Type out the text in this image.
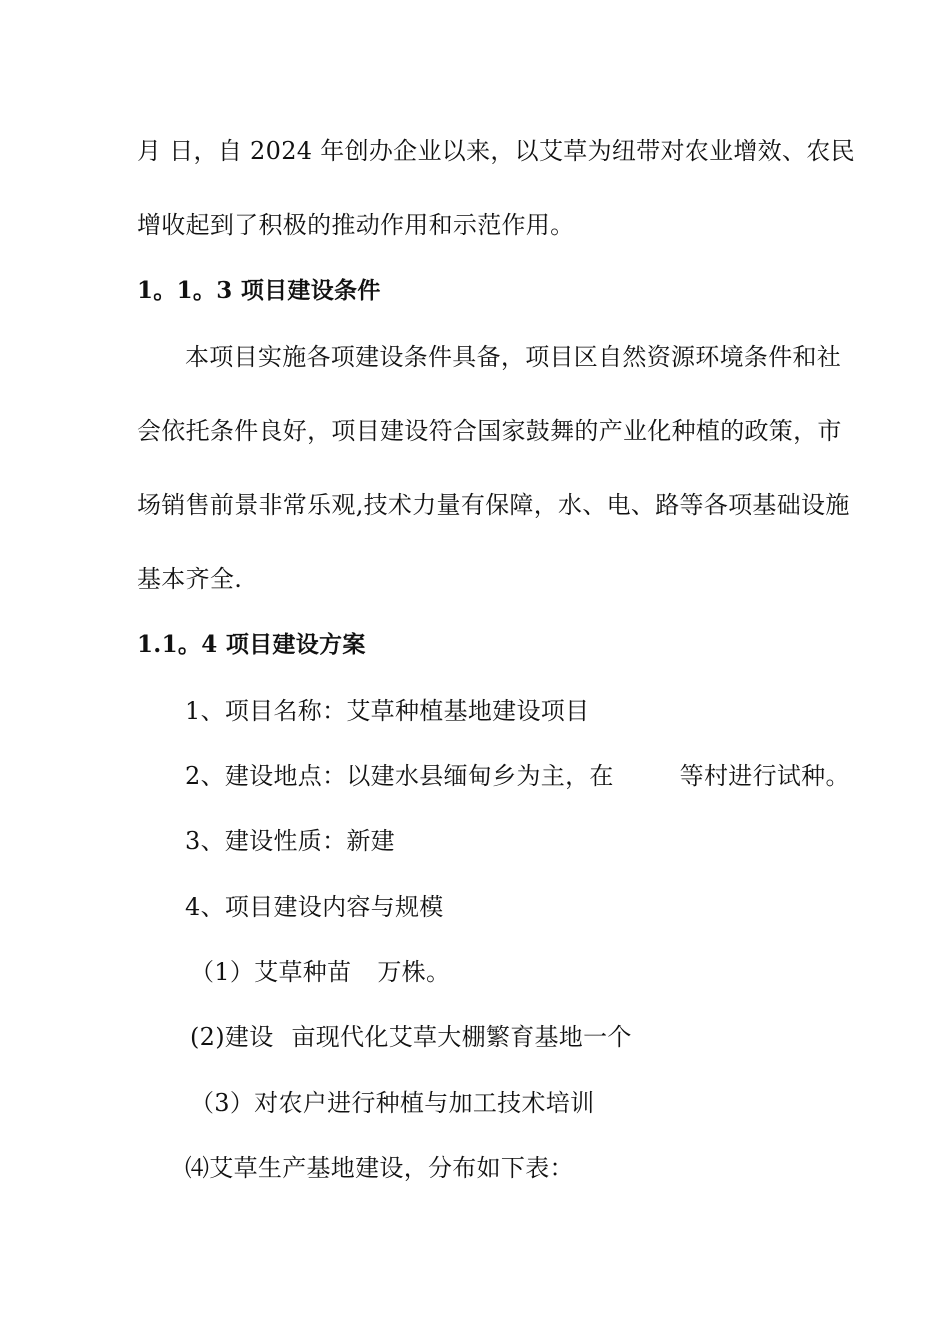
月 日，自 2024 年创办企业以来，以艾草为纽带对农业增效、农民
增收起到了积极的推动作用和示范作用。
1。1。3 项目建设条件
本项目实施各项建设条件具备，项目区自然资源环境条件和社
会依托条件良好，项目建设符合国家鼓舞的产业化种植的政策，市
场销售前景非常乐观,技术力量有保障，水、电、路等各项基础设施
基本齐全.
1.1。4 项目建设方案
1、项目名称：艾草种植基地建设项目
2、建设地点：以建水县缅甸乡为主，在	等村进行试种。
3、建设性质：新建
4、项目建设内容与规模
（1）艾草种苗 万株。
(2)建设 亩现代化艾草大棚繁育基地一个
（3）对农户进行种植与加工技术培训
⑷艾草生产基地建设，分布如下表：
